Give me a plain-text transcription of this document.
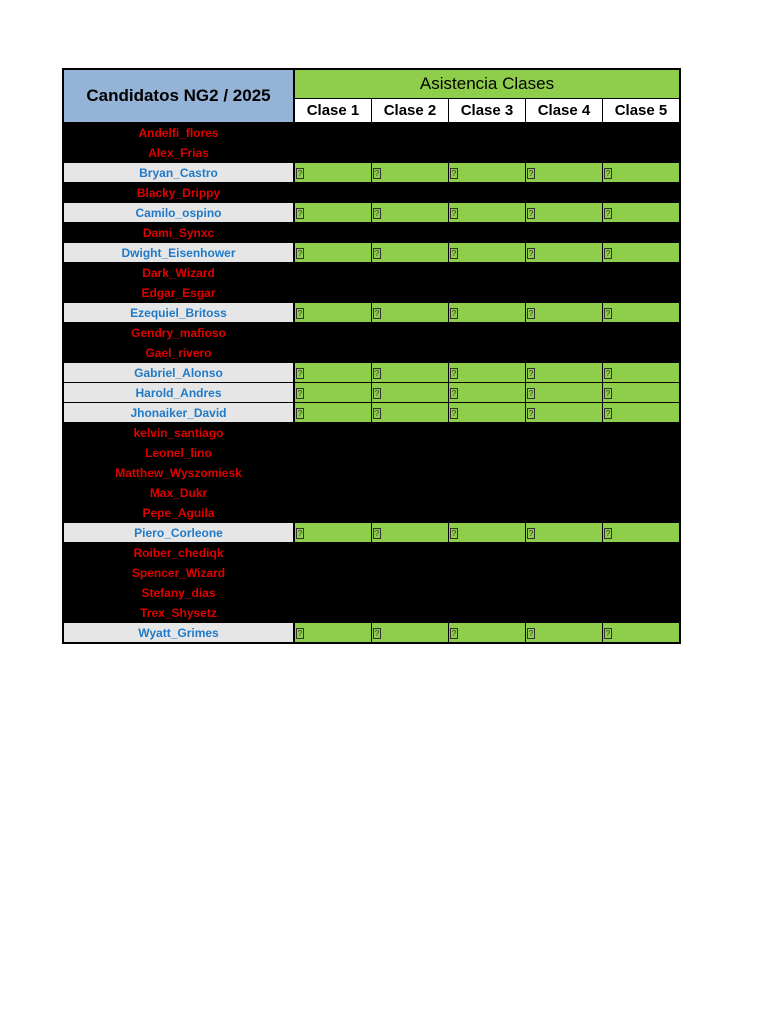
Candidatos NG2 / 2025	Asistencia Clases				
	Clase 1	Clase 2	Clase 3	Clase 4	Clase 5
Andelfi_flores					
Alex_Frias					
Bryan_Castro	?	?	?	?	?
Blacky_Drippy					
Camilo_ospino	?	?	?	?	?
Dami_Synxc					
Dwight_Eisenhower	?	?	?	?	?
Dark_Wizard					
Edgar_Esgar					
Ezequiel_Britoss	?	?	?	?	?
Gendry_mafioso					
Gael_rivero					
Gabriel_Alonso	?	?	?	?	?
Harold_Andres	?	?	?	?	?
Jhonaiker_David	?	?	?	?	?
kelvin_santiago					
Leonel_lino					
Matthew_Wyszomiesk					
Max_Dukr					
Pepe_Aguila					
Piero_Corleone	?	?	?	?	?
Roiber_chediqk					
Spencer_Wizard					
Stefany_dias					
Trex_Shysetz					
Wyatt_Grimes	?	?	?	?	?
